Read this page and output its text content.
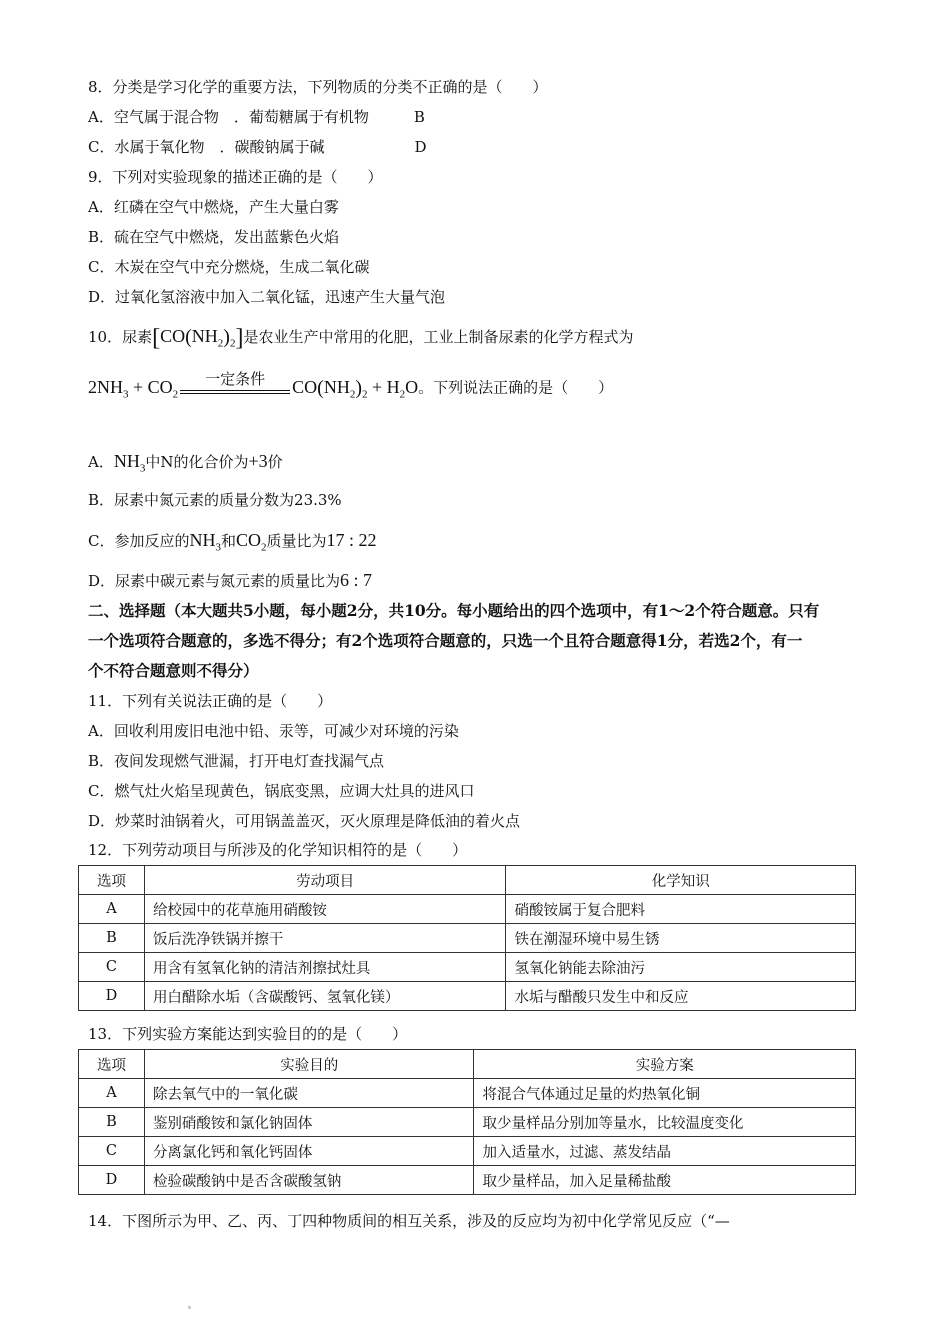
8．分类是学习化学的重要方法，下列物质的分类不正确的是（　　）
A．空气属于混合物　．葡萄糖属于有机物　　　B
C．水属于氧化物　．碳酸钠属于碱　　　　　　D
9．下列对实验现象的描述正确的是（　　）
A．红磷在空气中燃烧，产生大量白雾
B．硫在空气中燃烧，发出蓝紫色火焰
C．木炭在空气中充分燃烧，生成二氧化碳
D．过氧化氢溶液中加入二氧化锰，迅速产生大量气泡
10．尿素$[CO(NH_2)_2]$是农业生产中常用的化肥，工业上制备尿素的化学方程式为
$2NH_3 + CO_2$
一定条件	$CO(NH_2)_2 + H_2O$。下列说法正确的是（　　）
A．$NH_3$中N的化合价为+3价
B．尿素中氮元素的质量分数为23.3%
C．参加反应的$NH_3$和$CO_2$质量比为17 : 22
D．尿素中碳元素与氮元素的质量比为6 : 7
二、选择题（本大题共5小题，每小题2分，共10分。每小题给出的四个选项中，有1～2个符合题意。只有
一个选项符合题意的，多选不得分；有2个选项符合题意的，只选一个且符合题意得1分，若选2个，有一
个不符合题意则不得分）
11．下列有关说法正确的是（　　）
A．回收利用废旧电池中铅、汞等，可减少对环境的污染
B．夜间发现燃气泄漏，打开电灯查找漏气点
C．燃气灶火焰呈现黄色，锅底变黑，应调大灶具的进风口
D．炒菜时油锅着火，可用锅盖盖灭，灭火原理是降低油的着火点
12．下列劳动项目与所涉及的化学知识相符的是（　　）
选项	劳动项目	化学知识
A	给校园中的花草施用硝酸铵	硝酸铵属于复合肥料
B	饭后洗净铁锅并擦干	铁在潮湿环境中易生锈
C	用含有氢氧化钠的清洁剂擦拭灶具	氢氧化钠能去除油污
D	用白醋除水垢（含碳酸钙、氢氧化镁）	水垢与醋酸只发生中和反应
13．下列实验方案能达到实验目的的是（　　）
选项	实验目的	实验方案
A	除去氧气中的一氧化碳	将混合气体通过足量的灼热氧化铜
B	鉴别硝酸铵和氯化钠固体	取少量样品分别加等量水，比较温度变化
C	分离氯化钙和氧化钙固体	加入适量水，过滤、蒸发结晶
D	检验碳酸钠中是否含碳酸氢钠	取少量样品，加入足量稀盐酸
14．下图所示为甲、乙、丙、丁四种物质间的相互关系，涉及的反应均为初中化学常见反应（“—
